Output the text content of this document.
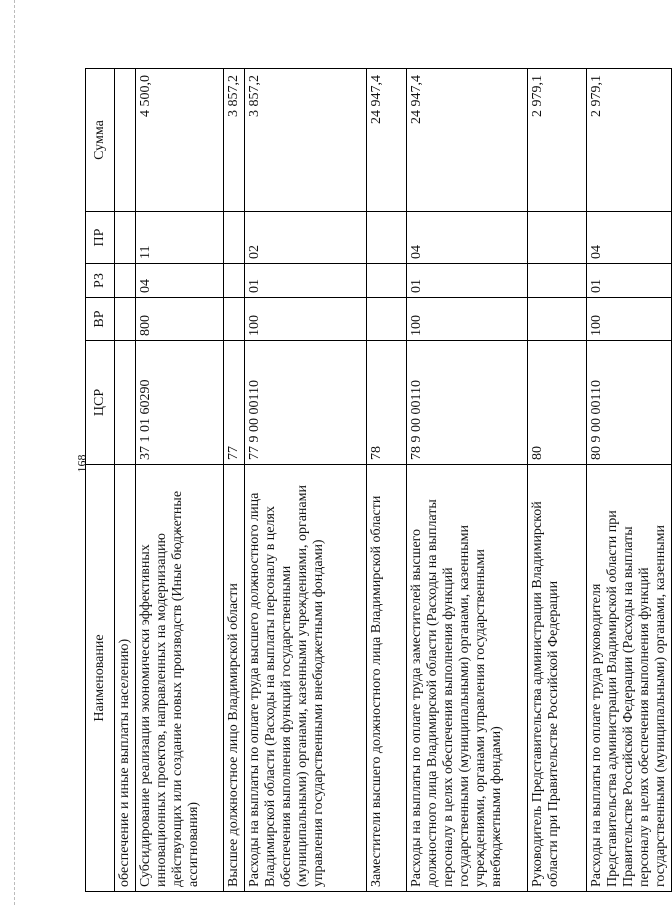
168
Наименование	ЦСР	ВР	РЗ	ПР	Сумма
обеспечение и иные выплаты населению)					
Субсидирование реализации экономически эффективных инновационных проектов, направленных на модернизацию действующих или создание новых производств (Иные бюджетные ассигнования)	37 1 01 60290	800	04	11	4 500,0
Высшее должностное лицо Владимирской области	77				3 857,2
Расходы на выплаты по оплате труда высшего должностного лица Владимирской области (Расходы на выплаты персоналу в целях обеспечения выполнения функций государственными (муниципальными) органами, казенными учреждениями, органами управления государственными внебюджетными фондами)	77 9 00 00110	100	01	02	3 857,2
Заместители высшего должностного лица Владимирской области	78				24 947,4
Расходы на выплаты по оплате труда заместителей высшего должностного лица Владимирской области (Расходы на выплаты персоналу в целях обеспечения выполнения функций государственными (муниципальными) органами, казенными учреждениями, органами управления государственными внебюджетными фондами)	78 9 00 00110	100	01	04	24 947,4
Руководитель Представительства администрации Владимирской области при Правительстве Российской Федерации	80				2 979,1
Расходы на выплаты по оплате труда руководителя Представительства администрации Владимирской области при Правительстве Российской Федерации (Расходы на выплаты персоналу в целях обеспечения выполнения функций государственными (муниципальными) органами, казенными	80 9 00 00110	100	01	04	2 979,1
